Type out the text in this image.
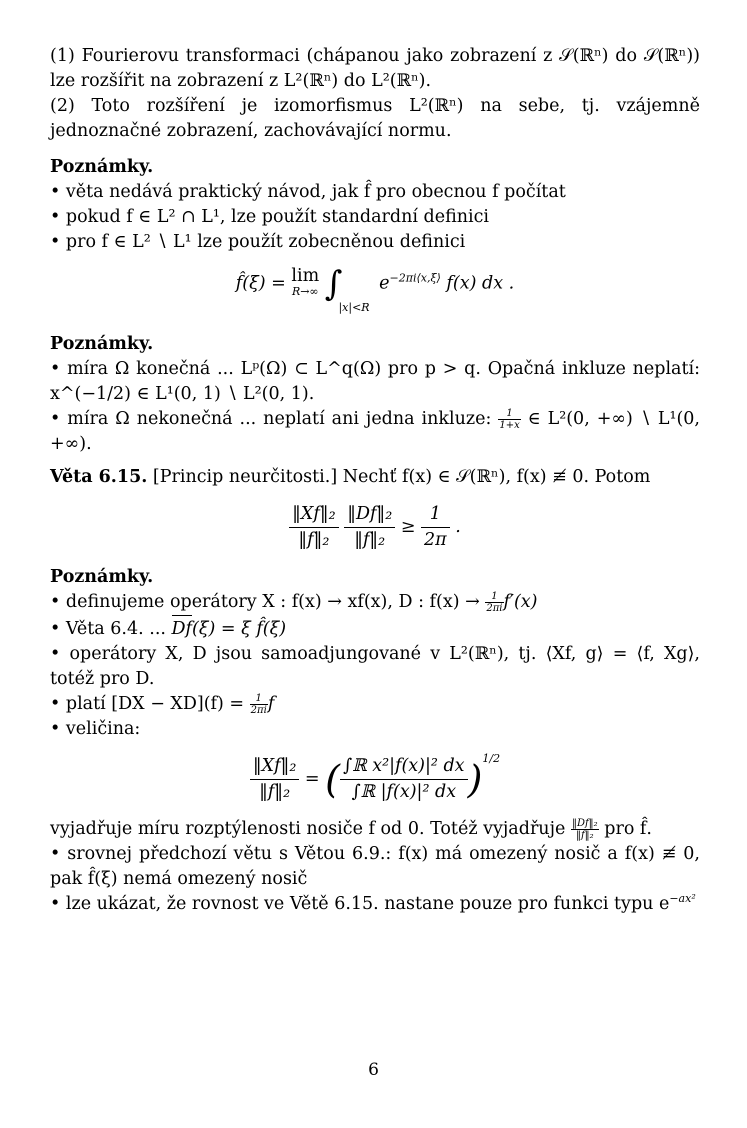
(1) Fourierovu transformaci (chápanou jako zobrazení z 𝒮(ℝⁿ) do 𝒮(ℝⁿ)) lze rozšířit na zobrazení z L²(ℝⁿ) do L²(ℝⁿ).

(2) Toto rozšíření je izomorfismus L²(ℝⁿ) na sebe, tj. vzájemně jednoznačné zobrazení, zachovávající normu.

Poznámky.

• věta nedává praktický návod, jak f̂ pro obecnou f počítat

• pokud f ∈ L² ∩ L¹, lze použít standardní definici

• pro f ∈ L² ∖ L¹ lze použít zobecněnou definici

f̂(ξ) = lim
R→∞ ∫|x|<R $e^{-2\pi i⟨x,\xi⟩}$ f(x) dx .

Poznámky.

• míra Ω konečná ... Lᵖ(Ω) ⊂ L^q(Ω) pro p > q. Opačná inkluze neplatí: x^(−1/2) ∈ L¹(0, 1) ∖ L²(0, 1).

• míra Ω nekonečná ... neplatí ani jedna inkluze: $\frac{1}{1+x}$ ∈ L²(0, +∞) ∖ L¹(0, +∞).

Věta 6.15. [Princip neurčitosti.] Nechť f(x) ∈ 𝒮(ℝⁿ), f(x) ≢ 0. Potom

$\frac{\text{‖Xf‖₂}}{\text{‖f‖₂}}$
$\frac{\text{‖Df‖₂}}{\text{‖f‖₂}} \ge \frac{1}{2\pi}$ .

Poznámky.

• definujeme operátory X : f(x) → xf(x), D : $f(x) \to \frac{1}{2\pi i} f'(x)$

• Věta 6.4. ... Df(ξ) = ξ f̂(ξ)

• operátory X, D jsou samoadjungované v L²(ℝⁿ), tj. ⟨Xf, g⟩ = ⟨f, Xg⟩, totéž pro D.

• platí $[DX - XD](f) = \frac{1}{2\pi i}$ f

• veličina:

$\frac{\text{‖Xf‖₂}}{\text{‖f‖₂}}$ = ( $\frac{\text{∫ℝ x²|f(x)|² dx}}{\text{∫ℝ |f(x)|² dx}} )^{1/2}$

vyjadřuje míru rozptýlenosti nosiče f od 0. Totéž vyjadřuje $\frac{\text{‖Df‖₂}}{\text{‖f‖₂}}$ pro f̂.

• srovnej předchozí větu s Větou 6.9.: f(x) má omezený nosič a f(x) ≢ 0, pak f̂(ξ) nemá omezený nosič

• lze ukázat, že rovnost ve Větě 6.15. nastane pouze pro funkci typu $e^{-ax^2}$

6
